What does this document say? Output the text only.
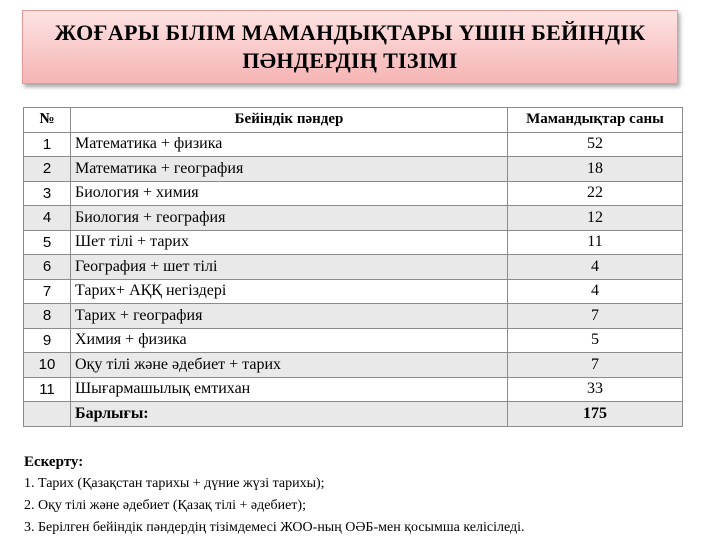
ЖОҒАРЫ БІЛІМ МАМАНДЫҚТАРЫ ҮШІН БЕЙІНДІК
ПӘНДЕРДІҢ ТІЗІМІ
№	Бейіндік пәндер	Мамандықтар саны
1	Математика + физика	52
2	Математика + география	18
3	Биология + химия	22
4	Биология + география	12
5	Шет тілі + тарих	11
6	География + шет тілі	4
7	Тарих+ АҚҚ негіздері	4
8	Тарих + география	7
9	Химия + физика	5
10	Оқу тілі және әдебиет + тарих	7
11	Шығармашылық емтихан	33
	Барлығы:	175
Ескерту:
1. Тарих (Қазақстан тарихы + дүние жүзі тарихы);
2. Оқу тілі және әдебиет (Қазақ тілі + әдебиет);
3. Берілген бейіндік пәндердің тізімдемесі ЖОО-ның ОӘБ-мен қосымша келісіледі.
